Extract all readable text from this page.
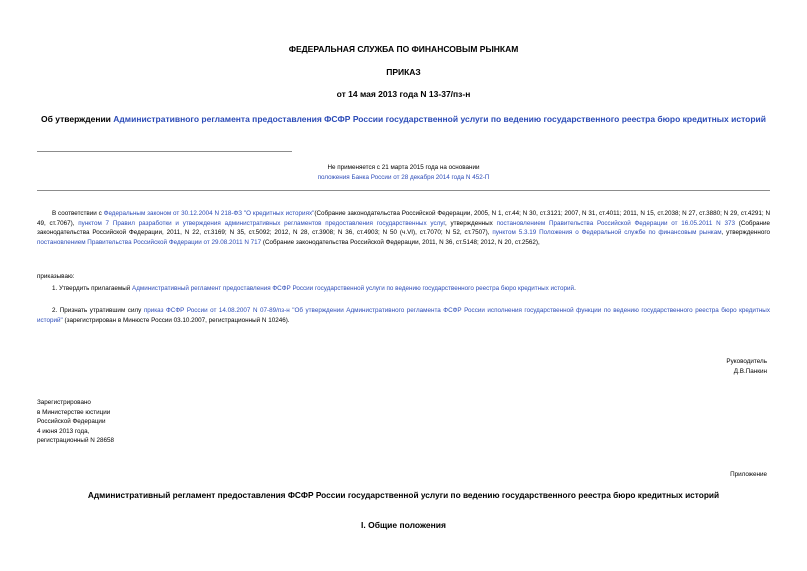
ФЕДЕРАЛЬНАЯ СЛУЖБА ПО ФИНАНСОВЫМ РЫНКАМ
ПРИКАЗ
от 14 мая 2013 года N 13-37/пз-н
Об утверждении Административного регламента предоставления ФСФР России государственной услуги по ведению государственного реестра бюро кредитных историй
Не применяется с 21 марта 2015 года на основании
положения Банка России от 28 декабря 2014 года N 452-П
В соответствии с Федеральным законом от 30.12.2004 N 218-ФЗ "О кредитных историях"(Собрание законодательства Российской Федерации, 2005, N 1, ст.44; N 30, ст.3121; 2007, N 31, ст.4011; 2011, N 15, ст.2038; N 27, ст.3880; N 29, ст.4291; N 49, ст.7067), пунктом 7 Правил разработки и утверждения административных регламентов предоставления государственных услуг, утвержденных постановлением Правительства Российской Федерации от 16.05.2011 N 373 (Собрание законодательства Российской Федерации, 2011, N 22, ст.3169; N 35, ст.5092; 2012, N 28, ст.3908; N 36, ст.4903; N 50 (ч.VI), ст.7070; N 52, ст.7507), пунктом 5.3.19 Положения о Федеральной службе по финансовым рынкам, утвержденного постановлением Правительства Российской Федерации от 29.08.2011 N 717 (Собрание законодательства Российской Федерации, 2011, N 36, ст.5148; 2012, N 20, ст.2562),
приказываю:
1. Утвердить прилагаемый Административный регламент предоставления ФСФР России государственной услуги по ведению государственного реестра бюро кредитных историй.
2. Признать утратившим силу приказ ФСФР России от 14.08.2007 N 07-89/пз-н "Об утверждении Административного регламента ФСФР России исполнения государственной функции по ведению государственного реестра бюро кредитных историй" (зарегистрирован в Минюсте России 03.10.2007, регистрационный N 10246).
Руководитель
Д.В.Панкин
Зарегистрировано
в Министерстве юстиции
Российской Федерации
4 июня 2013 года,
регистрационный N 28658
Приложение
Административный регламент предоставления ФСФР России государственной услуги по ведению государственного реестра бюро кредитных историй
I. Общие положения
